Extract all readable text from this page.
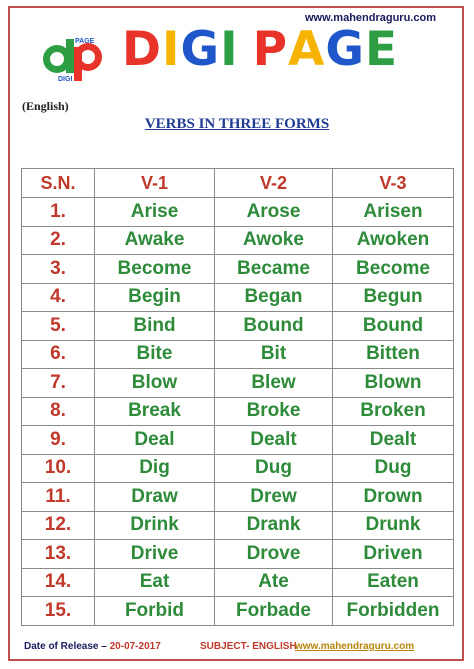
www.mahendraguru.com
PAGE
DIGI
DIGI PAGE
(English)
VERBS IN THREE FORMS
S.N.	V-1	V-2	V-3
1.	Arise	Arose	Arisen
2.	Awake	Awoke	Awoken
3.	Become	Became	Become
4.	Begin	Began	Begun
5.	Bind	Bound	Bound
6.	Bite	Bit	Bitten
7.	Blow	Blew	Blown
8.	Break	Broke	Broken
9.	Deal	Dealt	Dealt
10.	Dig	Dug	Dug
11.	Draw	Drew	Drown
12.	Drink	Drank	Drunk
13.	Drive	Drove	Driven
14.	Eat	Ate	Eaten
15.	Forbid	Forbade	Forbidden
Date of Release – 20-07-2017	SUBJECT- ENGLISH
www.mahendraguru.com
